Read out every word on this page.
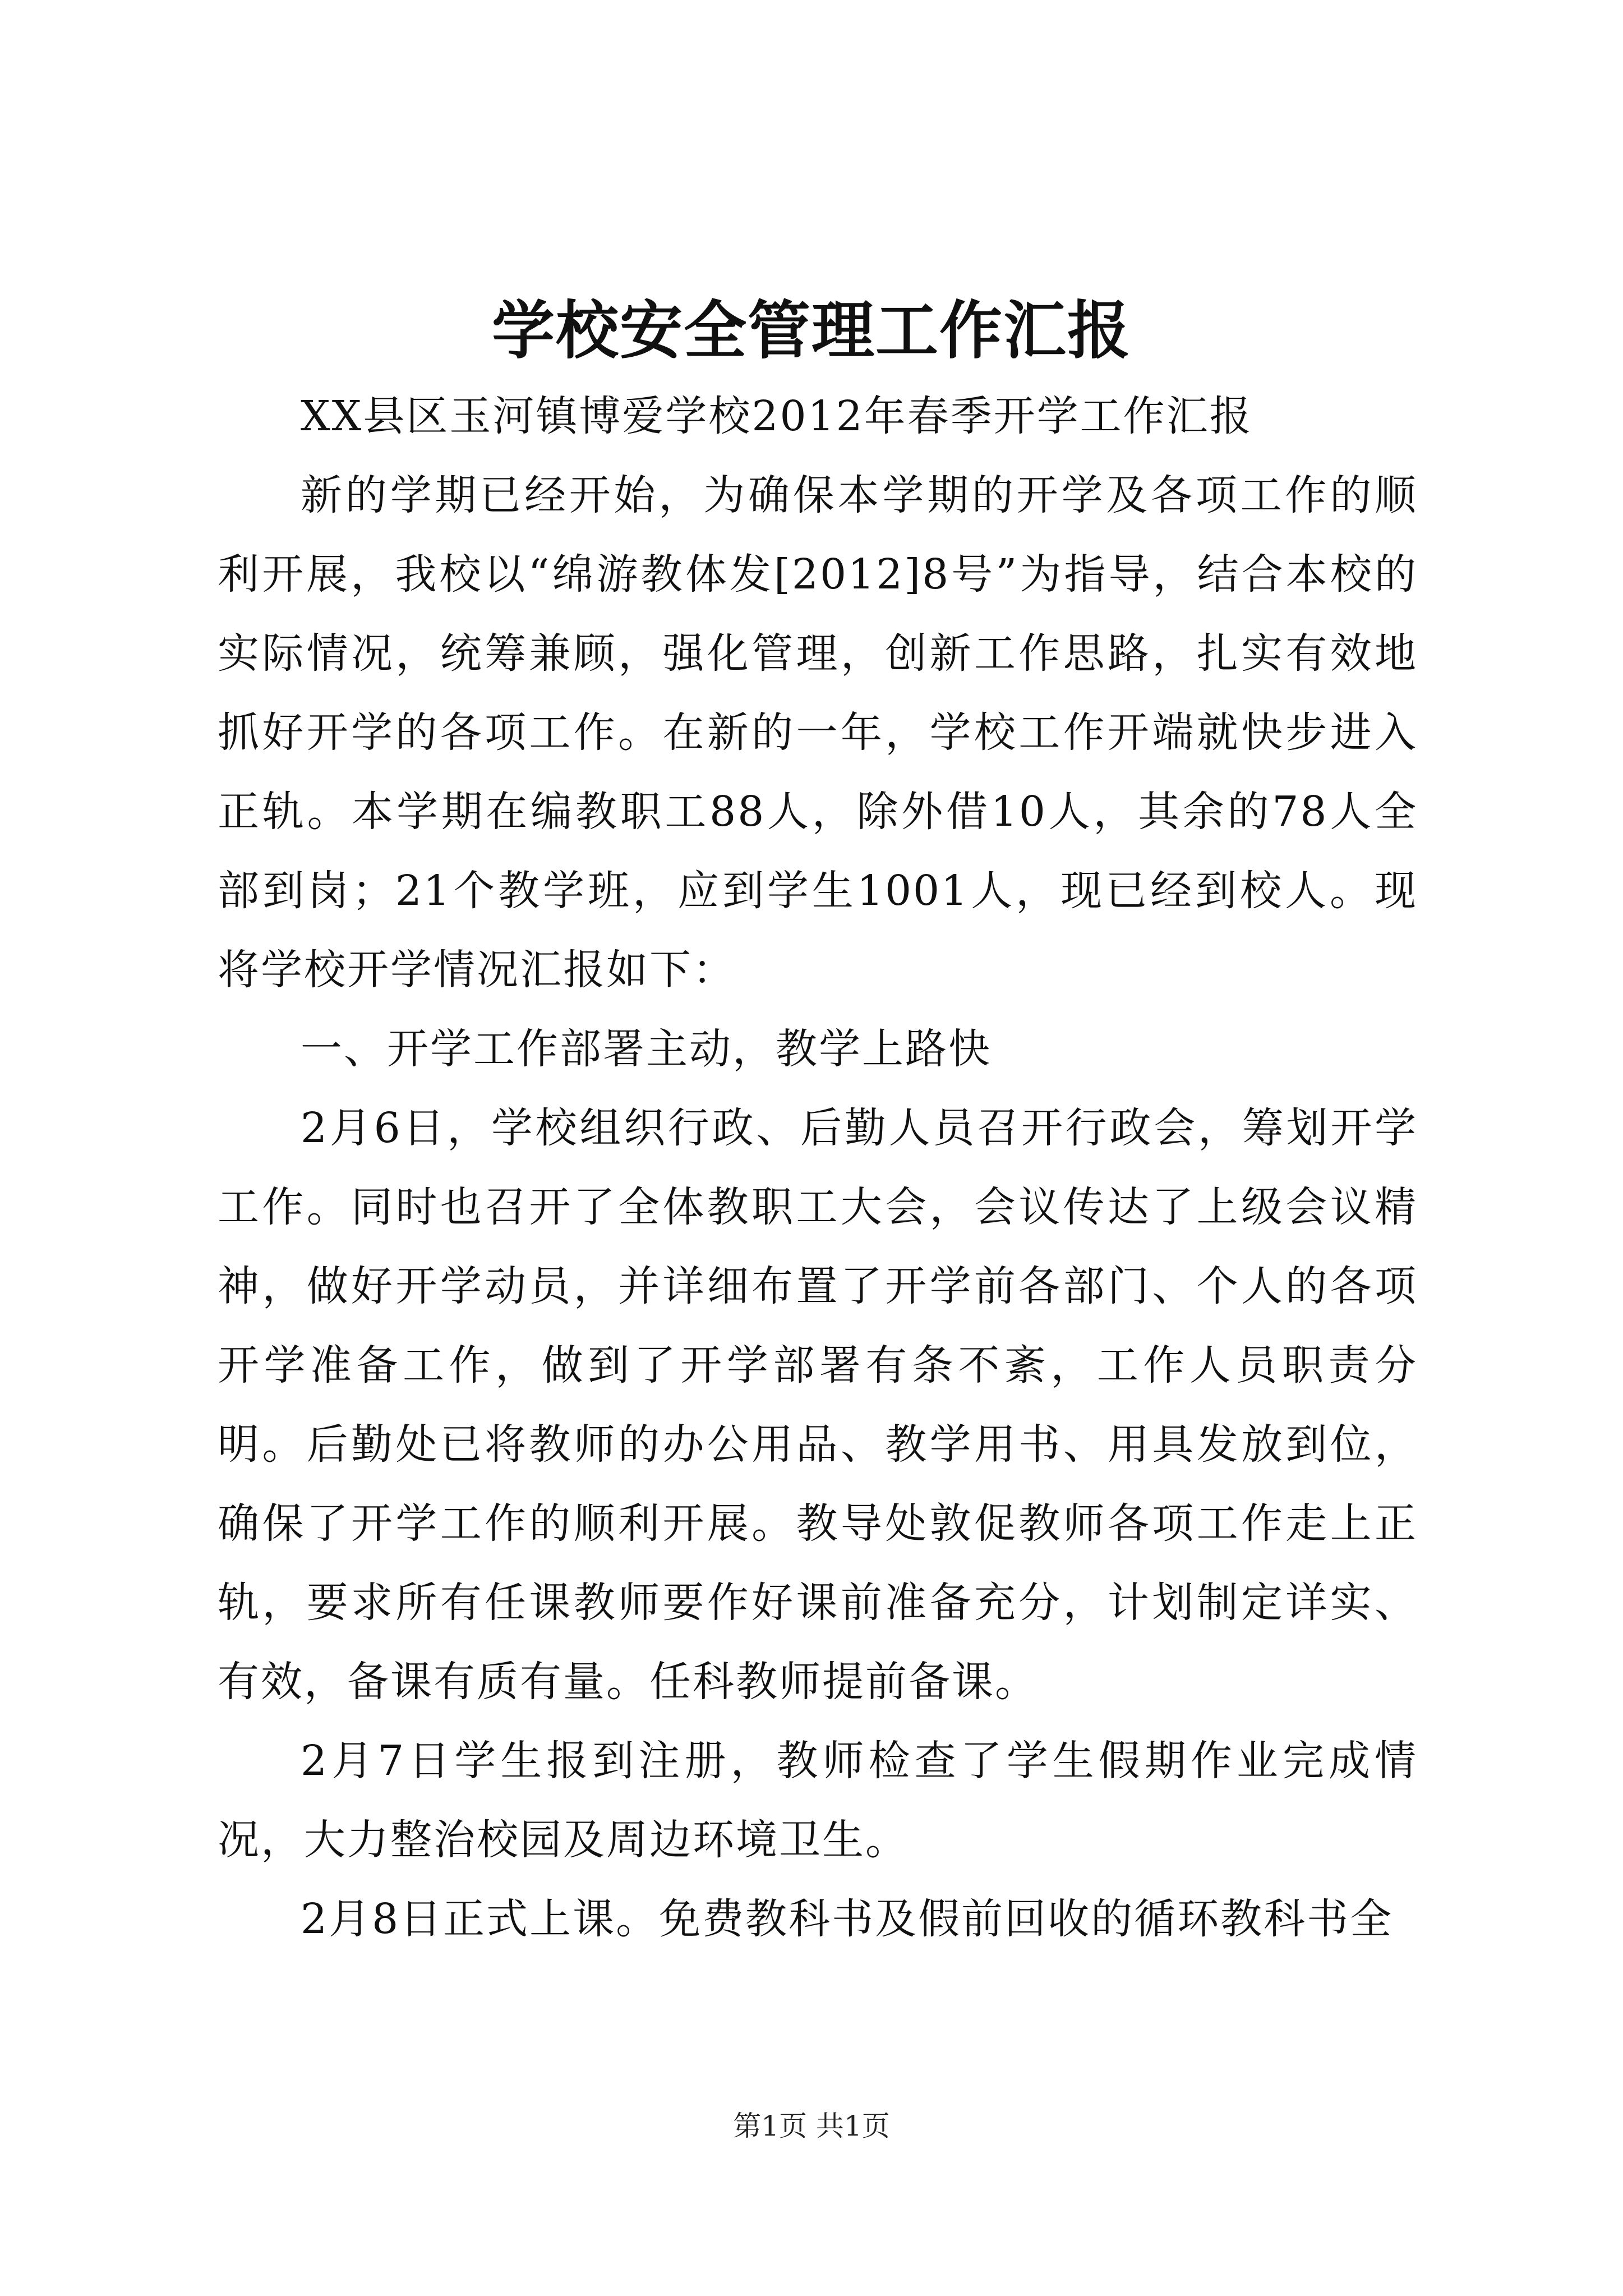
学校安全管理工作汇报

XX县区玉河镇博爱学校2012年春季开学工作汇报

新的学期已经开始，为确保本学期的开学及各项工作的顺利开展，我校以“绵游教体发[2012]8号”为指导，结合本校的实际情况，统筹兼顾，强化管理，创新工作思路，扎实有效地抓好开学的各项工作。在新的一年，学校工作开端就快步进入正轨。本学期在编教职工88人，除外借10人，其余的78人全部到岗；21个教学班，应到学生1001人，现已经到校人。现将学校开学情况汇报如下：

一、开学工作部署主动，教学上路快

2月6日，学校组织行政、后勤人员召开行政会，筹划开学工作。同时也召开了全体教职工大会，会议传达了上级会议精神，做好开学动员，并详细布置了开学前各部门、个人的各项开学准备工作，做到了开学部署有条不紊，工作人员职责分明。后勤处已将教师的办公用品、教学用书、用具发放到位，确保了开学工作的顺利开展。教导处敦促教师各项工作走上正轨，要求所有任课教师要作好课前准备充分，计划制定详实、有效，备课有质有量。任科教师提前备课。

2月7日学生报到注册，教师检查了学生假期作业完成情况，大力整治校园及周边环境卫生。

2月8日正式上课。免费教科书及假前回收的循环教科书全

第1页 共1页
